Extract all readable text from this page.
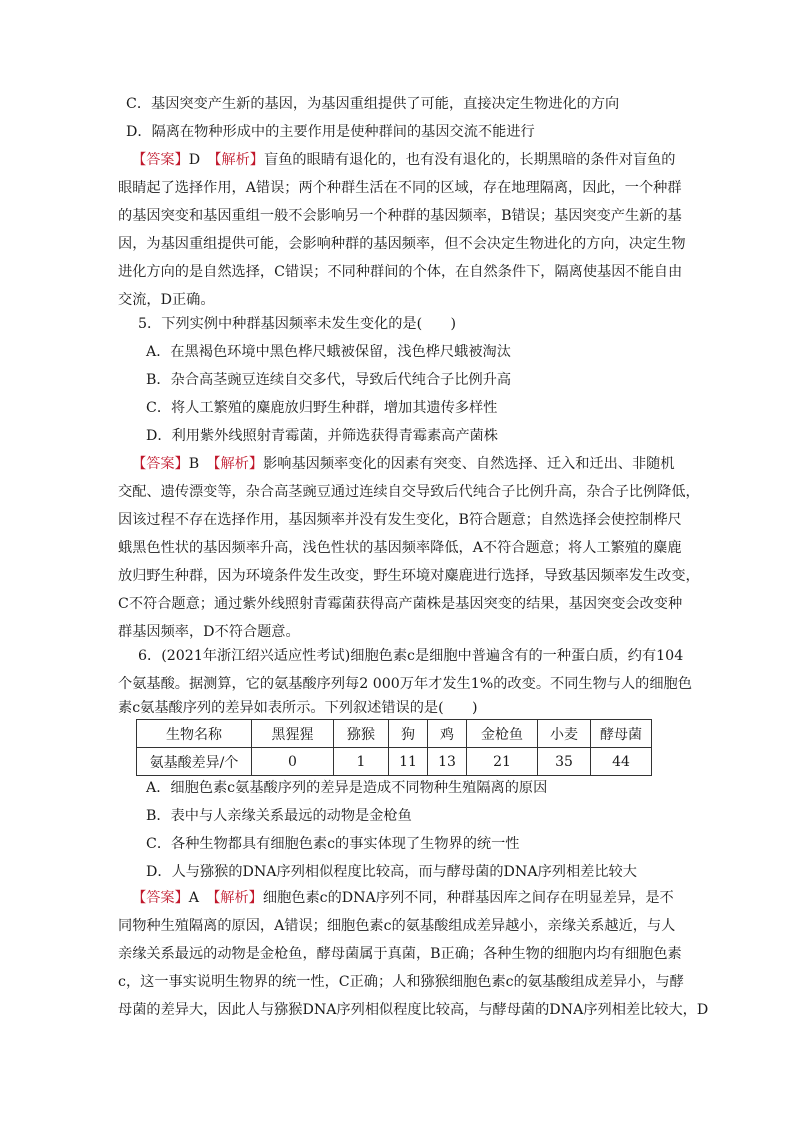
C．基因突变产生新的基因，为基因重组提供了可能，直接决定生物进化的方向
D．隔离在物种形成中的主要作用是使种群间的基因交流不能进行
【答案】D　 【解析】盲鱼的眼睛有退化的，也有没有退化的，长期黑暗的条件对盲鱼的
眼睛起了选择作用，A错误；两个种群生活在不同的区域，存在地理隔离，因此，一个种群
的基因突变和基因重组一般不会影响另一个种群的基因频率，B错误；基因突变产生新的基
因，为基因重组提供可能，会影响种群的基因频率，但不会决定生物进化的方向，决定生物
进化方向的是自然选择，C错误；不同种群间的个体，在自然条件下，隔离使基因不能自由
交流，D正确。
5．下列实例中种群基因频率未发生变化的是(　　)
A．在黑褐色环境中黑色桦尺蛾被保留，浅色桦尺蛾被淘汰
B．杂合高茎豌豆连续自交多代，导致后代纯合子比例升高
C．将人工繁殖的麋鹿放归野生种群，增加其遗传多样性
D．利用紫外线照射青霉菌，并筛选获得青霉素高产菌株
【答案】B　 【解析】影响基因频率变化的因素有突变、自然选择、迁入和迁出、非随机
交配、遗传漂变等，杂合高茎豌豆通过连续自交导致后代纯合子比例升高，杂合子比例降低，
因该过程不存在选择作用，基因频率并没有发生变化，B符合题意；自然选择会使控制桦尺
蛾黑色性状的基因频率升高，浅色性状的基因频率降低，A不符合题意；将人工繁殖的麋鹿
放归野生种群，因为环境条件发生改变，野生环境对麋鹿进行选择，导致基因频率发生改变，
C不符合题意；通过紫外线照射青霉菌获得高产菌株是基因突变的结果，基因突变会改变种
群基因频率，D不符合题意。
6．(2021年浙江绍兴适应性考试)细胞色素c是细胞中普遍含有的一种蛋白质，约有104
个氨基酸。据测算，它的氨基酸序列每2 000万年才发生1%的改变。不同生物与人的细胞色
素c氨基酸序列的差异如表所示。下列叙述错误的是(　　)
生物名称	黑猩猩	猕猴	狗	鸡	金枪鱼	小麦	酵母菌
氨基酸差异/个	0	1	11	13	21	35	44
A．细胞色素c氨基酸序列的差异是造成不同物种生殖隔离的原因
B．表中与人亲缘关系最远的动物是金枪鱼
C．各种生物都具有细胞色素c的事实体现了生物界的统一性
D．人与猕猴的DNA序列相似程度比较高，而与酵母菌的DNA序列相差比较大
【答案】A　 【解析】细胞色素c的DNA序列不同，种群基因库之间存在明显差异，是不
同物种生殖隔离的原因，A错误；细胞色素c的氨基酸组成差异越小，亲缘关系越近，与人
亲缘关系最远的动物是金枪鱼，酵母菌属于真菌，B正确；各种生物的细胞内均有细胞色素
c，这一事实说明生物界的统一性，C正确；人和猕猴细胞色素c的氨基酸组成差异小，与酵
母菌的差异大，因此人与猕猴DNA序列相似程度比较高，与酵母菌的DNA序列相差比较大，D
